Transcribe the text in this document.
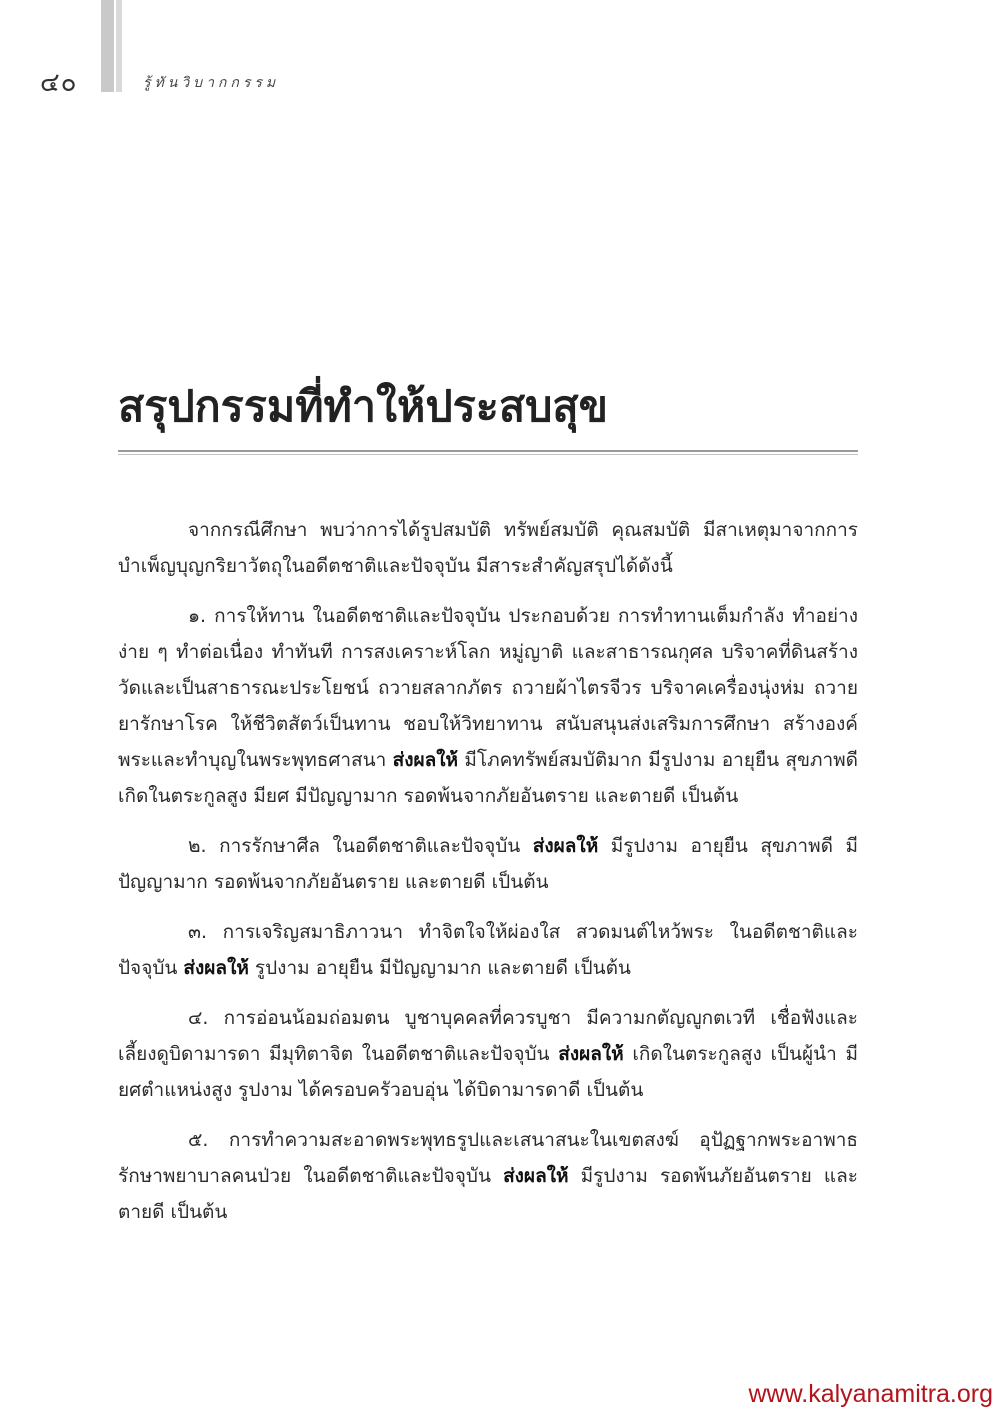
๔๐	รู้ทันวิบากกรรม
สรุปกรรมที่ทำให้ประสบสุข

จากกรณีศึกษา พบว่าการได้รูปสมบัติ ทรัพย์สมบัติ คุณสมบัติ มีสาเหตุมาจากการบำเพ็ญบุญกริยาวัตถุในอดีตชาติและปัจจุบัน มีสาระสำคัญสรุปได้ดังนี้

๑. การให้ทาน ในอดีตชาติและปัจจุบัน ประกอบด้วย การทำทานเต็มกำลัง ทำอย่างง่าย ๆ ทำต่อเนื่อง ทำทันที การสงเคราะห์โลก หมู่ญาติ และสาธารณกุศล บริจาคที่ดินสร้างวัดและเป็นสาธารณะประโยชน์ ถวายสลากภัตร ถวายผ้าไตรจีวร บริจาคเครื่องนุ่งห่ม ถวายยารักษาโรค ให้ชีวิตสัตว์เป็นทาน ชอบให้วิทยาทาน สนับสนุนส่งเสริมการศึกษา สร้างองค์พระและทำบุญในพระพุทธศาสนา ส่งผลให้ มีโภคทรัพย์สมบัติมาก มีรูปงาม อายุยืน สุขภาพดี เกิดในตระกูลสูง มียศ มีปัญญามาก รอดพ้นจากภัยอันตราย และตายดี เป็นต้น

๒. การรักษาศีล ในอดีตชาติและปัจจุบัน ส่งผลให้ มีรูปงาม อายุยืน สุขภาพดี มีปัญญามาก รอดพ้นจากภัยอันตราย และตายดี เป็นต้น

๓. การเจริญสมาธิภาวนา ทำจิตใจให้ผ่องใส สวดมนต์ไหว้พระ ในอดีตชาติและปัจจุบัน ส่งผลให้ รูปงาม อายุยืน มีปัญญามาก และตายดี เป็นต้น

๔. การอ่อนน้อมถ่อมตน บูชาบุคคลที่ควรบูชา มีความกตัญญูกตเวที เชื่อฟังและเลี้ยงดูบิดามารดา มีมุทิตาจิต ในอดีตชาติและปัจจุบัน ส่งผลให้ เกิดในตระกูลสูง เป็นผู้นำ มียศตำแหน่งสูง รูปงาม ได้ครอบครัวอบอุ่น ได้บิดามารดาดี เป็นต้น

๕. การทำความสะอาดพระพุทธรูปและเสนาสนะในเขตสงฆ์ อุปัฏฐากพระอาพาธ รักษาพยาบาลคนป่วย ในอดีตชาติและปัจจุบัน ส่งผลให้ มีรูปงาม รอดพ้นภัยอันตราย และ ตายดี เป็นต้น

www.kalyanamitra.org
